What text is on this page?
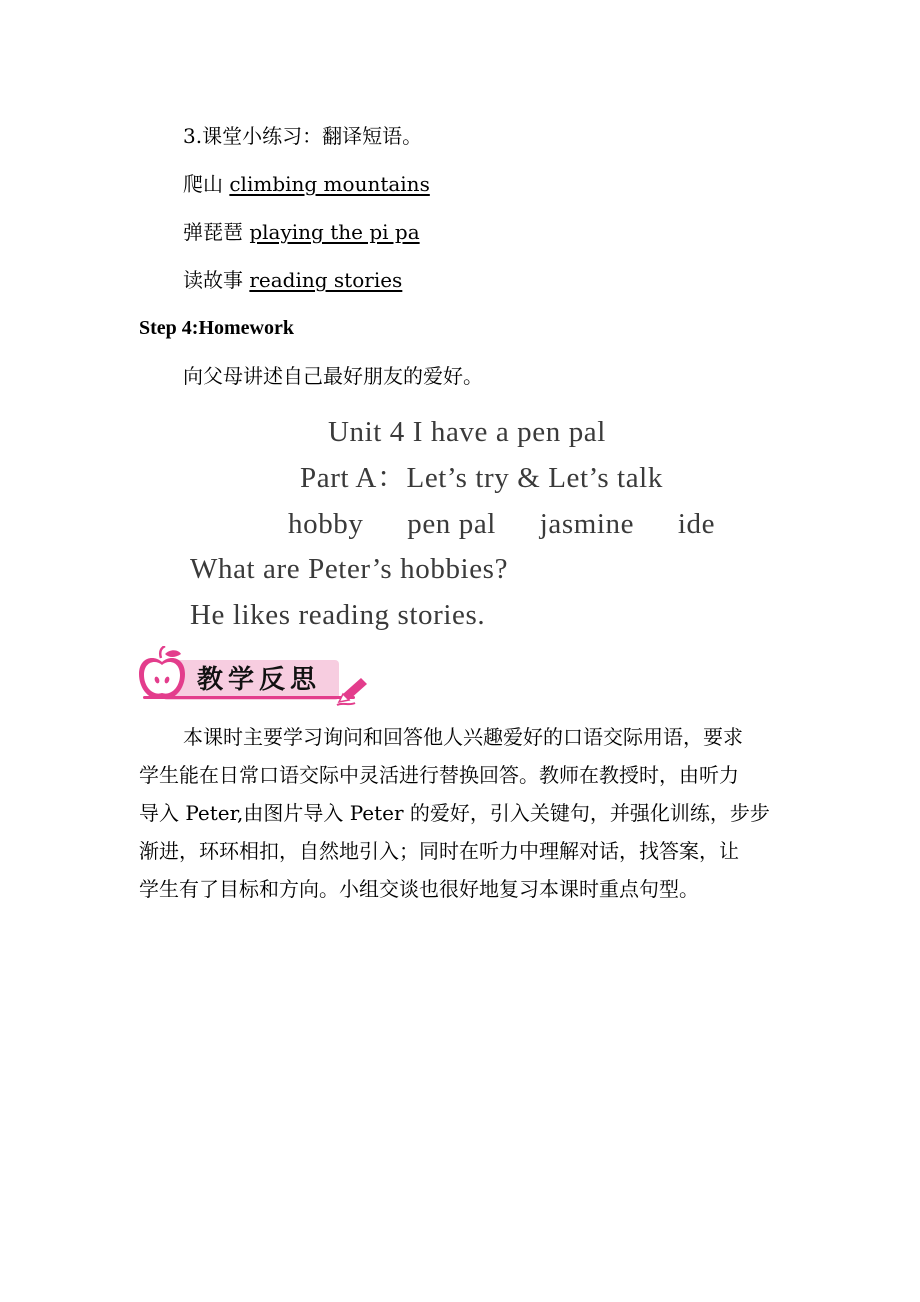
3.课堂小练习：翻译短语。
爬山 climbing mountains
弹琵琶 playing the pi pa
读故事 reading stories
Step 4:Homework
向父母讲述自己最好朋友的爱好。
Unit 4 I have a pen pal
Part A：Let’s try & Let’s talk
hobby pen pal jasmine ide
What are Peter’s hobbies?
He likes reading stories.
教学反思
本课时主要学习询问和回答他人兴趣爱好的口语交际用语，要求
学生能在日常口语交际中灵活进行替换回答。教师在教授时，由听力
导入 Peter,由图片导入 Peter 的爱好，引入关键句，并强化训练，步步
渐进，环环相扣，自然地引入；同时在听力中理解对话，找答案，让
学生有了目标和方向。小组交谈也很好地复习本课时重点句型。
